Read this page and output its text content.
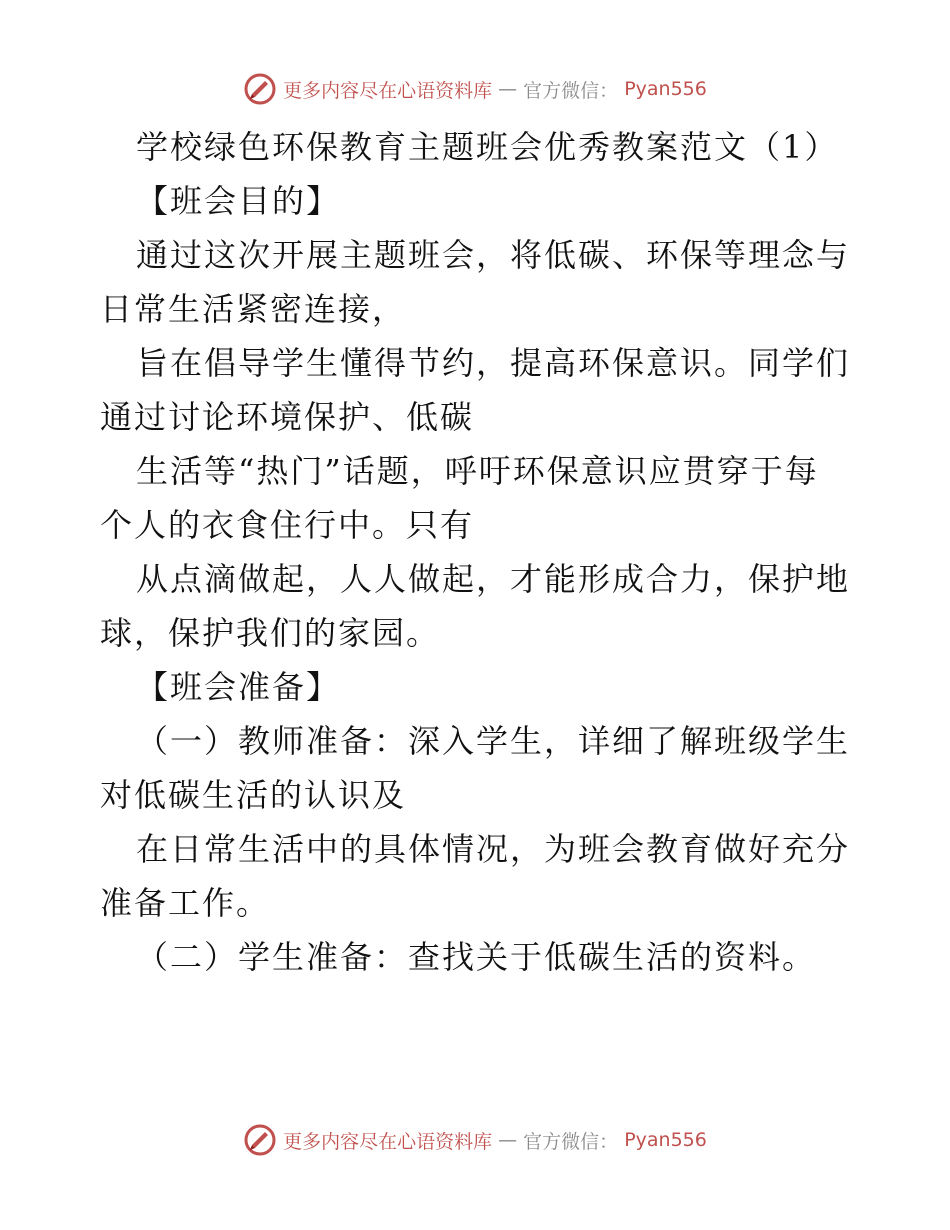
更多内容尽在心语资料库 — 官方微信： Pyan556

学校绿色环保教育主题班会优秀教案范文（1）

【班会目的】

通过这次开展主题班会，将低碳、环保等理念与

日常生活紧密连接，

旨在倡导学生懂得节约，提高环保意识。同学们

通过讨论环境保护、低碳

生活等“热门”话题，呼吁环保意识应贯穿于每

个人的衣食住行中。只有

从点滴做起，人人做起，才能形成合力，保护地

球，保护我们的家园。

【班会准备】

（一）教师准备：深入学生，详细了解班级学生

对低碳生活的认识及

在日常生活中的具体情况，为班会教育做好充分

准备工作。

（二）学生准备：查找关于低碳生活的资料。

更多内容尽在心语资料库 — 官方微信： Pyan556
